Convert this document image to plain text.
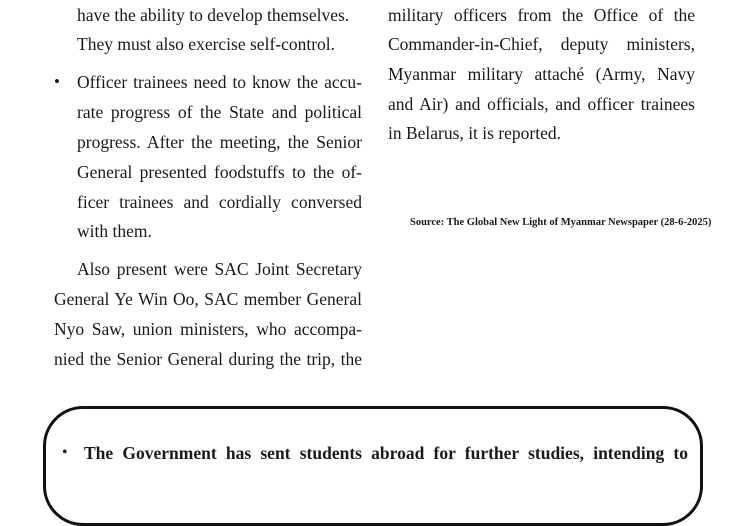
have the ability to develop themselves.
They must also exercise self-control.
• Officer trainees need to know the accu-
rate progress of the State and political
progress. After the meeting, the Senior
General presented foodstuffs to the of-
ficer trainees and cordially conversed
with them.
Also present were SAC Joint Secretary
General Ye Win Oo, SAC member General
Nyo Saw, union ministers, who accompa-
nied the Senior General during the trip, the
military officers from the Office of the
Commander-in-Chief, deputy ministers,
Myanmar military attaché (Army, Navy
and Air) and officials, and officer trainees
in Belarus, it is reported.
Source: The Global New Light of Myanmar Newspaper (28-6-2025)
• The Government has sent students abroad for further studies, intending to
